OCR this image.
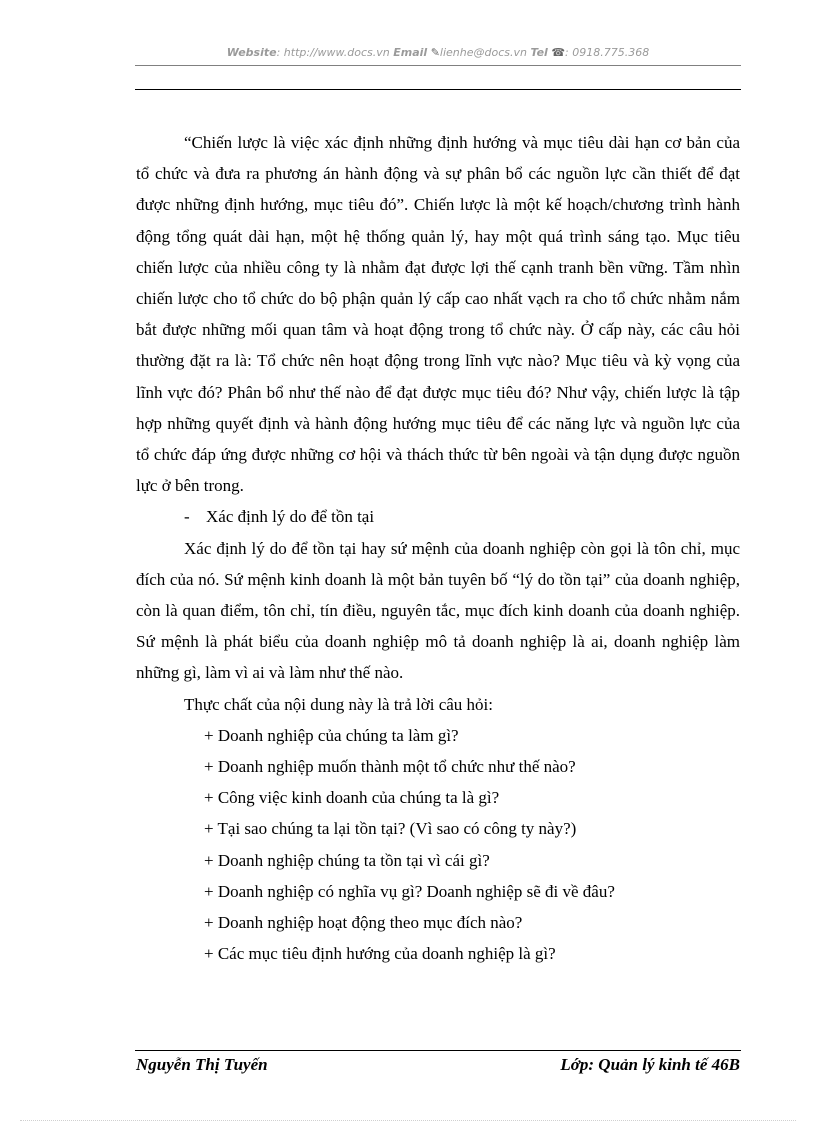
Website: http://www.docs.vn Email ✎lienhe@docs.vn Tel ☎: 0918.775.368

“Chiến lược là việc xác định những định hướng và mục tiêu dài hạn cơ bản của tổ chức và đưa ra phương án hành động và sự phân bổ các nguồn lực cần thiết để đạt được những định hướng, mục tiêu đó”. Chiến lược là một kế hoạch/chương trình hành động tổng quát dài hạn, một hệ thống quản lý, hay một quá trình sáng tạo. Mục tiêu chiến lược của nhiều công ty là nhằm đạt được lợi thế cạnh tranh bền vững. Tầm nhìn chiến lược cho tổ chức do bộ phận quản lý cấp cao nhất vạch ra cho tổ chức nhằm nắm bắt được những mối quan tâm và hoạt động trong tổ chức này. Ở cấp này, các câu hỏi thường đặt ra là: Tổ chức nên hoạt động trong lĩnh vực nào? Mục tiêu và kỳ vọng của lĩnh vực đó? Phân bổ như thế nào để đạt được mục tiêu đó? Như vậy, chiến lược là tập hợp những quyết định và hành động hướng mục tiêu để các năng lực và nguồn lực của tổ chức đáp ứng được những cơ hội và thách thức từ bên ngoài và tận dụng được nguồn lực ở bên trong.

- Xác định lý do để tồn tại

Xác định lý do để tồn tại hay sứ mệnh của doanh nghiệp còn gọi là tôn chỉ, mục đích của nó. Sứ mệnh kinh doanh là một bản tuyên bố “lý do tồn tại” của doanh nghiệp, còn là quan điểm, tôn chỉ, tín điều, nguyên tắc, mục đích kinh doanh của doanh nghiệp. Sứ mệnh là phát biểu của doanh nghiệp mô tả doanh nghiệp là ai, doanh nghiệp làm những gì, làm vì ai và làm như thế nào.

Thực chất của nội dung này là trả lời câu hỏi:

+ Doanh nghiệp của chúng ta làm gì?

+ Doanh nghiệp muốn thành một tổ chức như thế nào?

+ Công việc kinh doanh của chúng ta là gì?

+ Tại sao chúng ta lại tồn tại? (Vì sao có công ty này?)

+ Doanh nghiệp chúng ta tồn tại vì cái gì?

+ Doanh nghiệp có nghĩa vụ gì? Doanh nghiệp sẽ đi về đâu?

+ Doanh nghiệp hoạt động theo mục đích nào?

+ Các mục tiêu định hướng của doanh nghiệp là gì?

Nguyễn Thị Tuyến	Lớp: Quản lý kinh tế 46B
